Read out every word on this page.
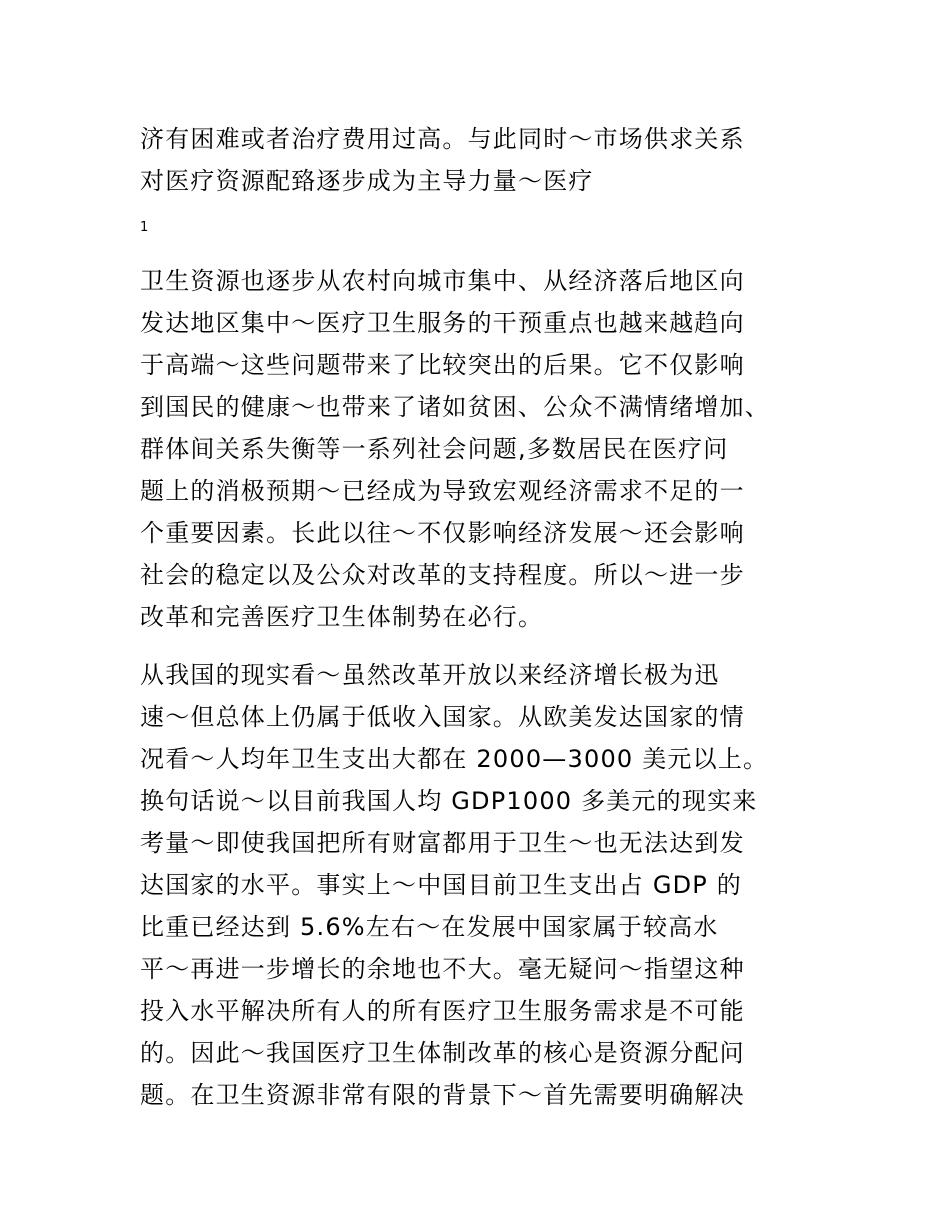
济有困难或者治疗费用过高。与此同时～市场供求关系
对医疗资源配臵逐步成为主导力量～医疗
1
卫生资源也逐步从农村向城市集中、从经济落后地区向
发达地区集中～医疗卫生服务的干预重点也越来越趋向
于高端～这些问题带来了比较突出的后果。它不仅影响
到国民的健康～也带来了诸如贫困、公众不满情绪增加、
群体间关系失衡等一系列社会问题,多数居民在医疗问
题上的消极预期～已经成为导致宏观经济需求不足的一
个重要因素。长此以往～不仅影响经济发展～还会影响
社会的稳定以及公众对改革的支持程度。所以～进一步
改革和完善医疗卫生体制势在必行。
从我国的现实看～虽然改革开放以来经济增长极为迅
速～但总体上仍属于低收入国家。从欧美发达国家的情
况看～人均年卫生支出大都在 2000—3000 美元以上。
换句话说～以目前我国人均 GDP1000 多美元的现实来
考量～即使我国把所有财富都用于卫生～也无法达到发
达国家的水平。事实上～中国目前卫生支出占 GDP 的
比重已经达到 5.6%左右～在发展中国家属于较高水
平～再进一步增长的余地也不大。毫无疑问～指望这种
投入水平解决所有人的所有医疗卫生服务需求是不可能
的。因此～我国医疗卫生体制改革的核心是资源分配问
题。在卫生资源非常有限的背景下～首先需要明确解决
